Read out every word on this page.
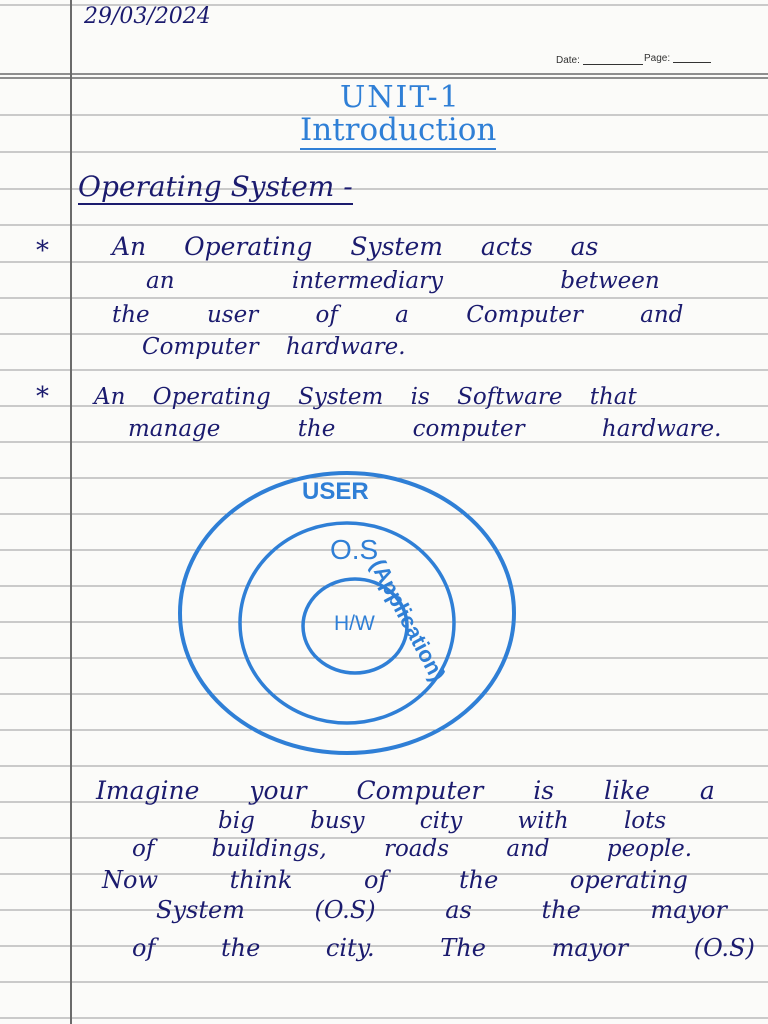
29/03/2024
Date:	Page:
UNIT-1
Introduction
Operating System -
*	An Operating System acts as
an intermediary between
the user of a Computer and
Computer hardware.
* An Operating System is Software that
manage the computer hardware.
USER
(Application)
O.S
H/W
Imagine your Computer is like a
big busy city with lots
of buildings, roads and people.
Now think of the operating
System (O.S) as the mayor
of the city. The mayor (O.S)
